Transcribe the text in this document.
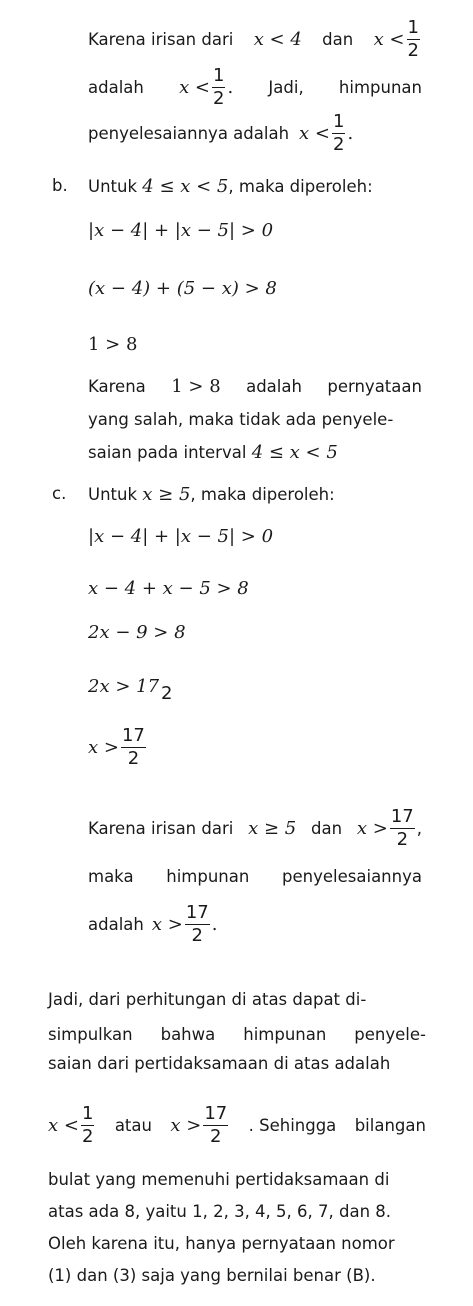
Karena irisan dari x < 4 dan $x < \frac{1}{2}$
adalah $x < \frac{1}{2}$ . Jadi, himpunan
penyelesaiannya adalah $x < \frac{1}{2}$ .
b. Untuk 4 ≤ x < 5, maka diperoleh:
|x − 4| + |x − 5| > 0
(x − 4) + (5 − x) > 8
1 > 8
Karena 1 > 8 adalah pernyataan
yang salah, maka tidak ada penyele-
saian pada interval 4 ≤ x < 5
c. Untuk x ≥ 5, maka diperoleh:
|x − 4| + |x − 5| > 0
x − 4 + x − 5 > 8
2x − 9 > 8
2x > 17 2
$x > \frac{17}{2}$
Karena irisan dari x ≥ 5 dan $x > \frac{17}{2}$ ,
maka himpunan penyelesaiannya
adalah $x > \frac{17}{2}$ .
Jadi, dari perhitungan di atas dapat di-
simpulkan bahwa himpunan penyele-
saian dari pertidaksamaan di atas adalah
$x < \frac{1}{2}$ atau $x > \frac{17}{2}$ . Sehingga bilangan
bulat yang memenuhi pertidaksamaan di
atas ada 8, yaitu 1, 2, 3, 4, 5, 6, 7, dan 8.
Oleh karena itu, hanya pernyataan nomor
(1) dan (3) saja yang bernilai benar (B).
